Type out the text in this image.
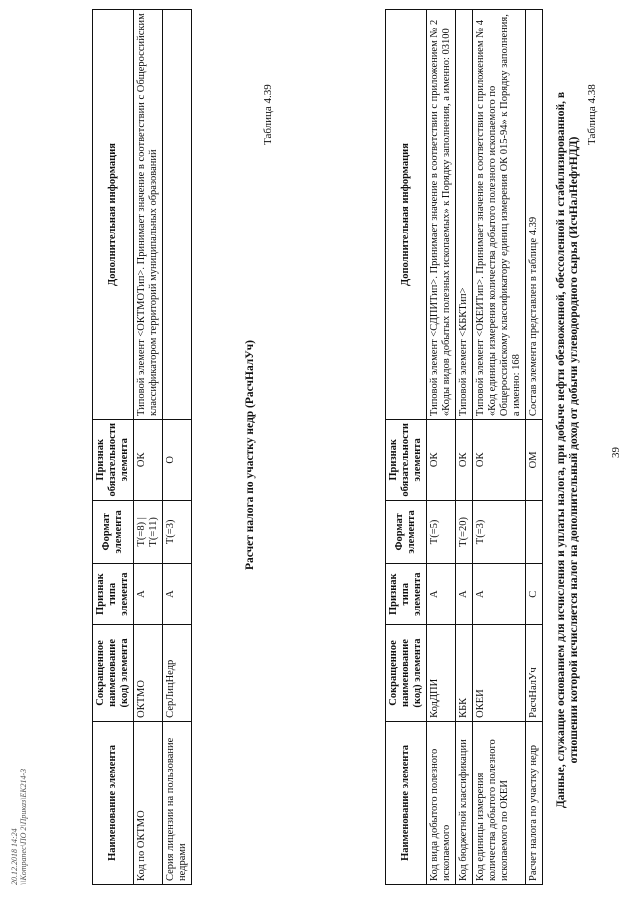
39
Таблица 4.38
Данные, служащие основанием для исчисления и уплаты налога, при добыче нефти обезвоженной, обессоленной и стабилизированной, в отношении которой исчисляется налог на дополнительный доход от добычи углеводородного сырья (ИсчНалНефтНДД)
Наименование элемента	Сокращенное наименование (код) элемента	Признак типа элемента	Формат элемента	Признак обязательности элемента	Дополнительная информация
Код вида добытого полезного ископаемого	КодДПИ	А	Т(=5)	ОК	Типовой элемент <СДПИТип>. Принимает значение в соответствии с приложением № 2 «Коды видов добытых полезных ископаемых» к Порядку заполнения, а именно: 03100
Код бюджетной классификации	КБК	А	Т(=20)	ОК	Типовой элемент <КБКТип>
Код единицы измерения количества добытого полезного ископаемого по ОКЕИ	ОКЕИ	А	Т(=3)	ОК	Типовой элемент <ОКЕИТип>. Принимает значение в соответствии с приложением № 4 «Код единицы измерения количества добытого полезного ископаемого по Общероссийскому классификатору единиц измерения ОК 015-94» к Порядку заполнения, а именно: 168
Расчет налога по участку недр	РасчНалУч	С		ОМ	Состав элемента представлен в таблице 4.39
Таблица 4.39
Расчет налога по участку недр (РасчНалУч)
Наименование элемента	Сокращенное наименование (код) элемента	Признак типа элемента	Формат элемента	Признак обязательности элемента	Дополнительная информация
Код по ОКТМО	ОКТМО	А	Т(=8) | Т(=11)	ОК	Типовой элемент <ОКТМОТип>. Принимает значение в соответствии с Общероссийским классификатором территорий муниципальных образований
Серия лицензии на пользование недрами	СерЛицНедр	А	Т(=3)	О	
20.12.2018 14:24 \\Kompanec\ПО 2\Приказ\ЕК214-3
